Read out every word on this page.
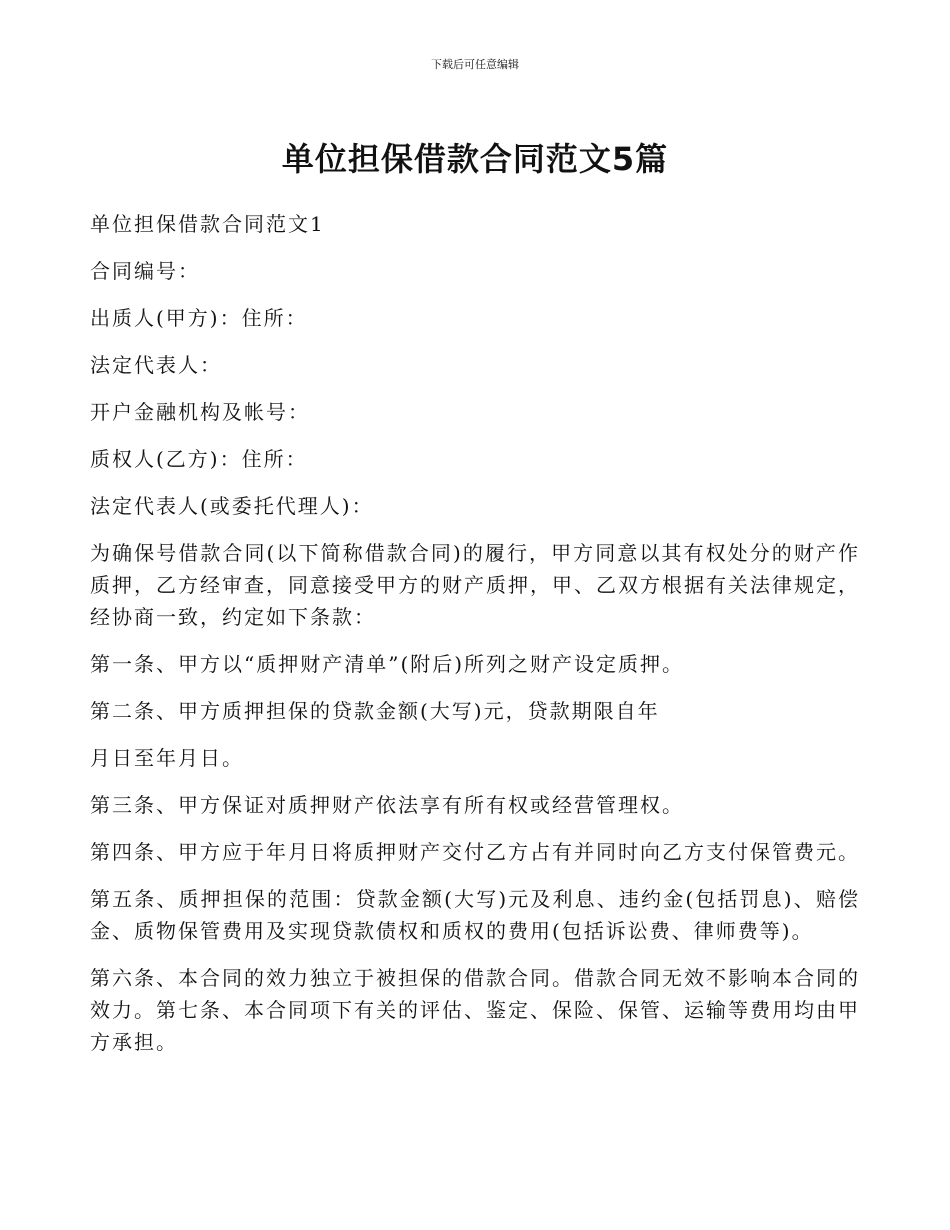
下载后可任意编辑
单位担保借款合同范文5篇

单位担保借款合同范文1

合同编号：

出质人(甲方)：住所：

法定代表人：

开户金融机构及帐号：

质权人(乙方)：住所：

法定代表人(或委托代理人)：

为确保号借款合同(以下简称借款合同)的履行，甲方同意以其有权处分的财产作质押，乙方经审查，同意接受甲方的财产质押，甲、乙双方根据有关法律规定，经协商一致，约定如下条款：

第一条、甲方以“质押财产清单”(附后)所列之财产设定质押。

第二条、甲方质押担保的贷款金额(大写)元，贷款期限自年

月日至年月日。

第三条、甲方保证对质押财产依法享有所有权或经营管理权。

第四条、甲方应于年月日将质押财产交付乙方占有并同时向乙方支付保管费元。

第五条、质押担保的范围：贷款金额(大写)元及利息、违约金(包括罚息)、赔偿金、质物保管费用及实现贷款债权和质权的费用(包括诉讼费、律师费等)。

第六条、本合同的效力独立于被担保的借款合同。借款合同无效不影响本合同的效力。第七条、本合同项下有关的评估、鉴定、保险、保管、运输等费用均由甲方承担。
